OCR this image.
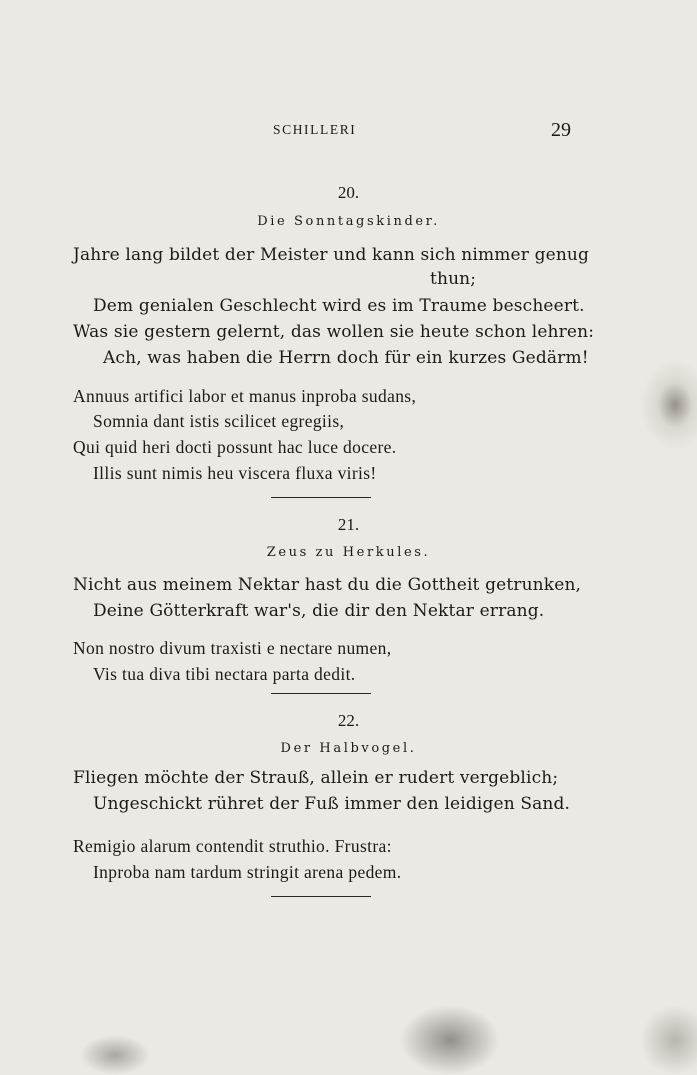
SCHILLERI	29
20.
Die Sonntagskinder.
Jahre lang bildet der Meister und kann sich nimmer genug
thun;
Dem genialen Geschlecht wird es im Traume bescheert.
Was sie gestern gelernt, das wollen sie heute schon lehren:
Ach, was haben die Herrn doch für ein kurzes Gedärm!
Annuus artifici labor et manus inproba sudans,
Somnia dant istis scilicet egregiis,
Qui quid heri docti possunt hac luce docere.
Illis sunt nimis heu viscera fluxa viris!
21.
Zeus zu Herkules.
Nicht aus meinem Nektar hast du die Gottheit getrunken,
Deine Götterkraft war's, die dir den Nektar errang.
Non nostro divum traxisti e nectare numen,
Vis tua diva tibi nectara parta dedit.
22.
Der Halbvogel.
Fliegen möchte der Strauß, allein er rudert vergeblich;
Ungeschickt rühret der Fuß immer den leidigen Sand.
Remigio alarum contendit struthio. Frustra:
Inproba nam tardum stringit arena pedem.
